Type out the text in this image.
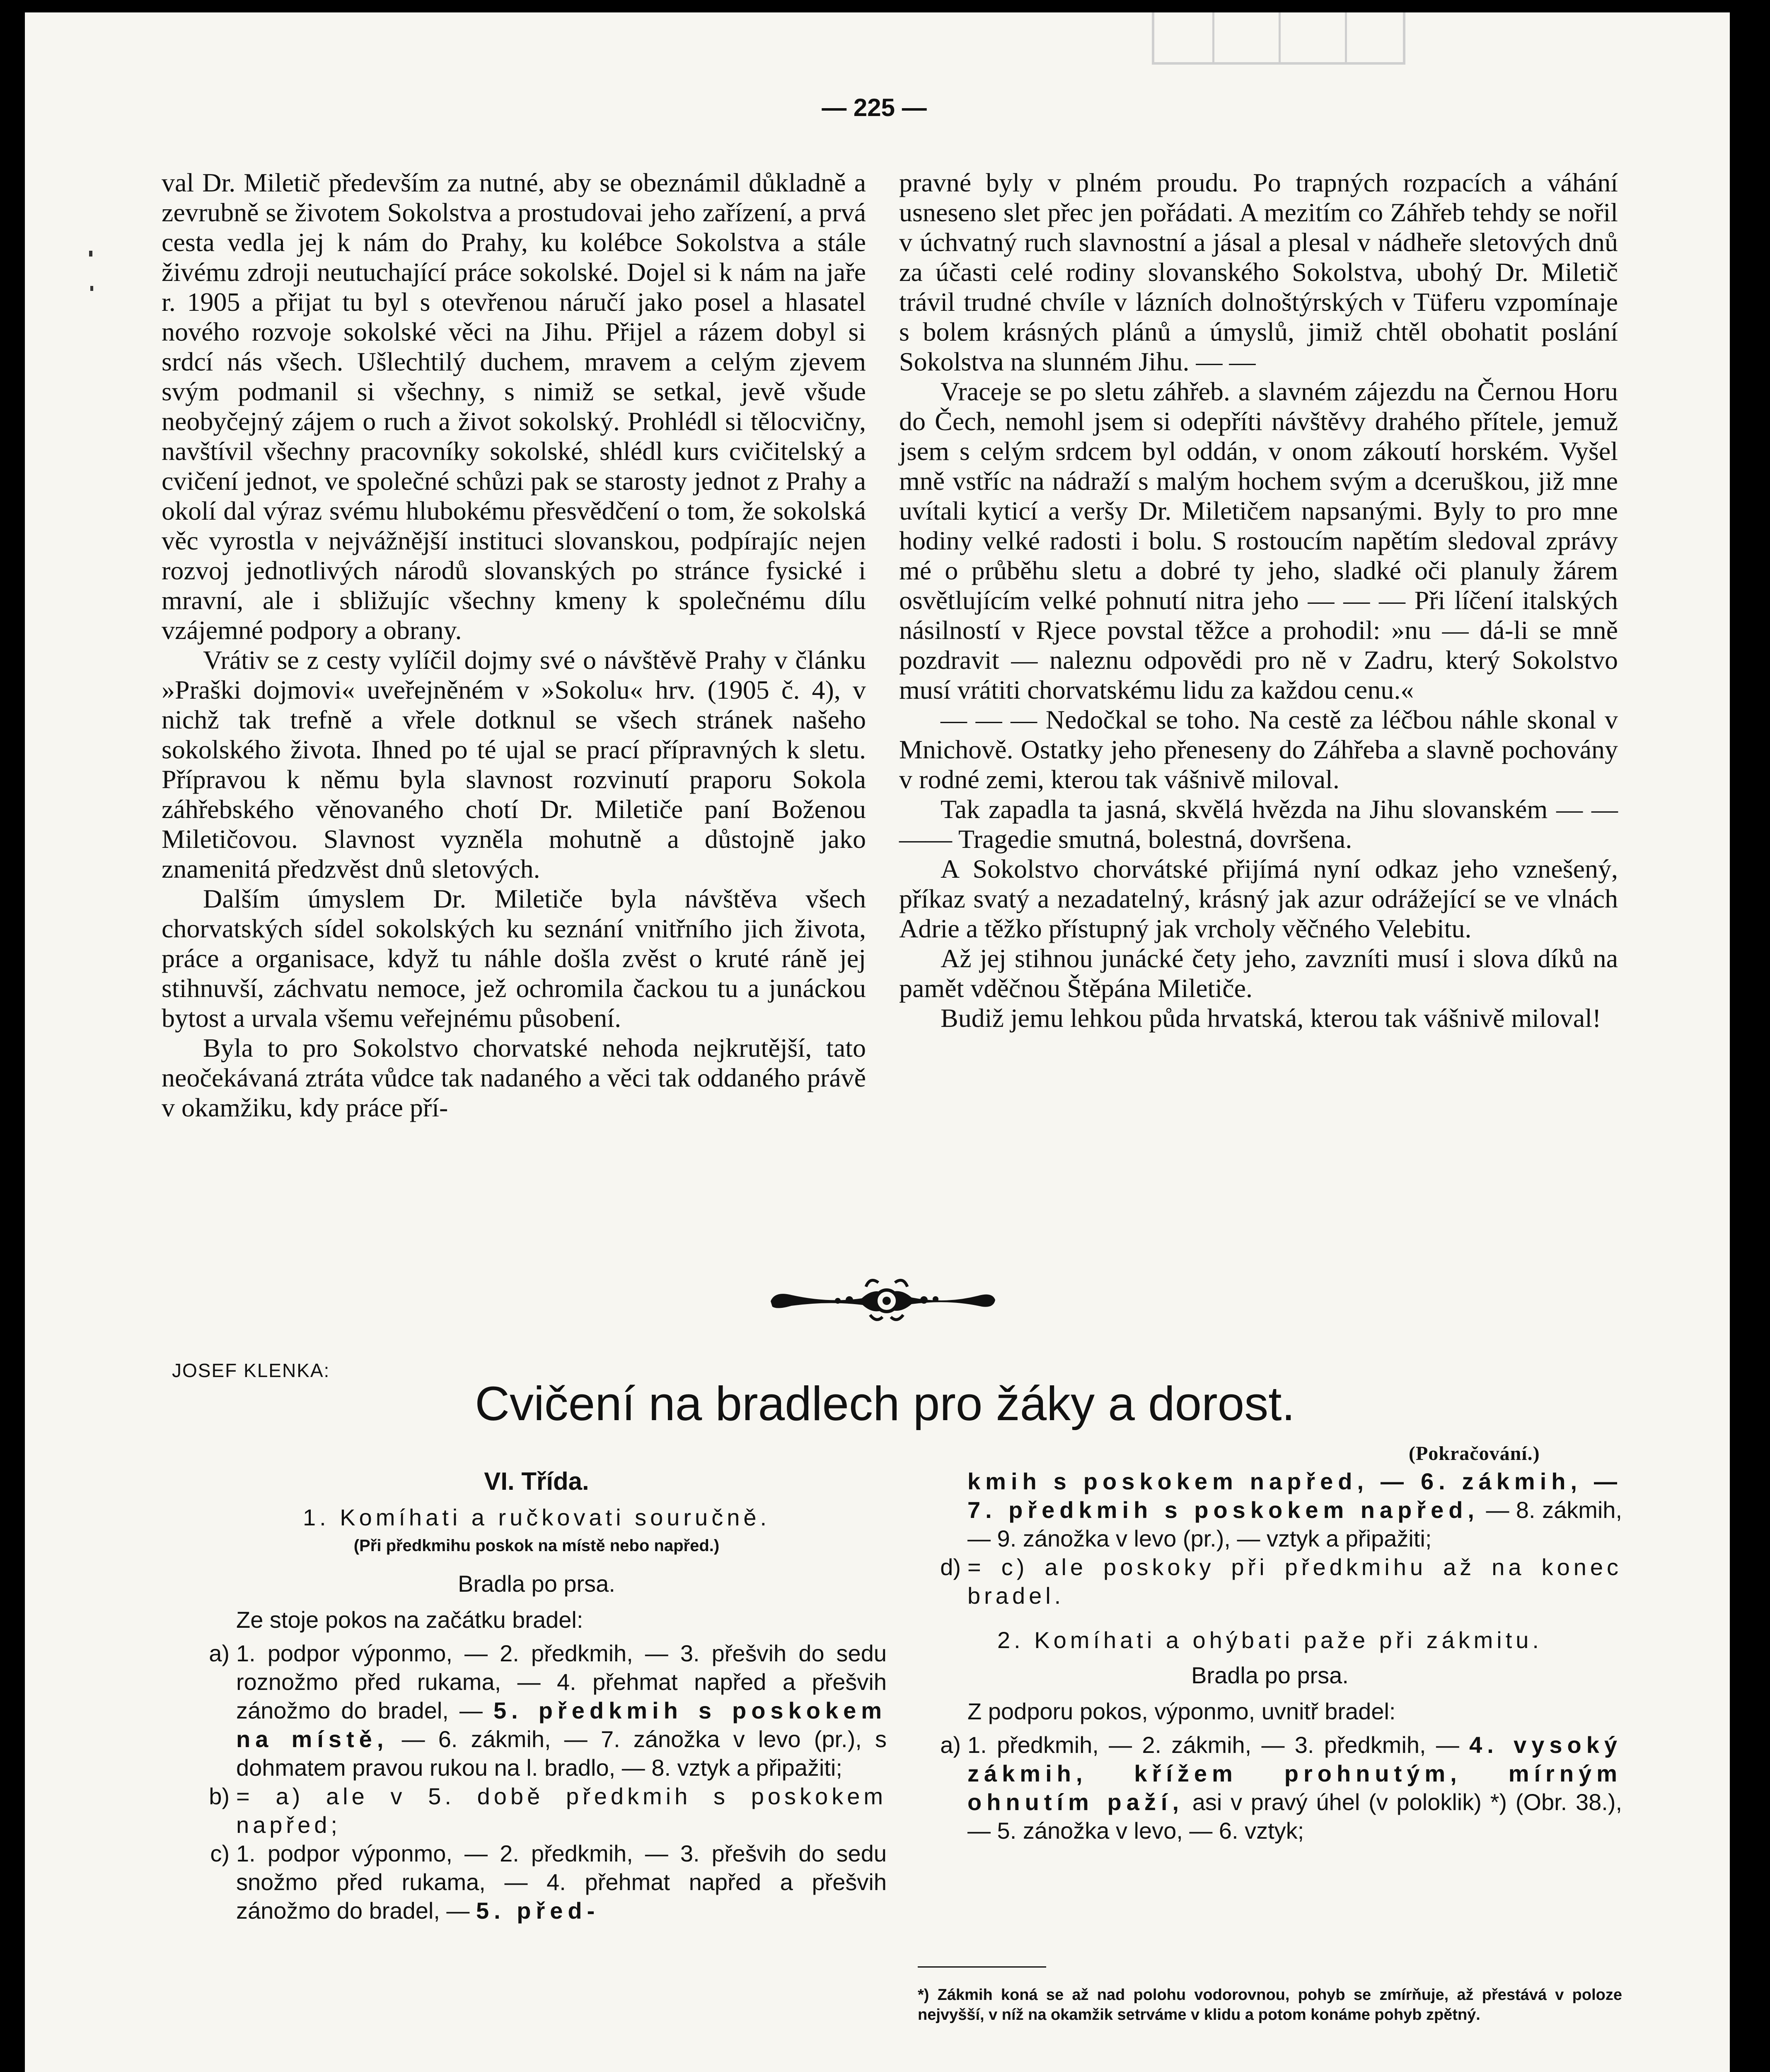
— 225 —

val Dr. Miletič především za nutné, aby se obeznámil důkladně a zevrubně se životem Sokolstva a prostudovai jeho zařízení, a prvá cesta vedla jej k nám do Prahy, ku kolébce Sokolstva a stále živému zdroji neutuchající práce sokolské. Dojel si k nám na jaře r. 1905 a přijat tu byl s otevřenou náručí jako posel a hlasatel nového rozvoje sokolské věci na Jihu. Přijel a rázem dobyl si srdcí nás všech. Ušlechtilý duchem, mravem a celým zjevem svým podmanil si všechny, s nimiž se setkal, jevě všude neobyčejný zájem o ruch a život sokolský. Prohlédl si tělocvičny, navštívil všechny pracovníky sokolské, shlédl kurs cvičitelský a cvičení jednot, ve společné schůzi pak se starosty jednot z Prahy a okolí dal výraz svému hlubokému přesvědčení o tom, že sokolská věc vyrostla v nejvážnější instituci slovanskou, podpírajíc nejen rozvoj jednotlivých národů slovanských po stránce fysické i mravní, ale i sbližujíc všechny kmeny k společnému dílu vzájemné podpory a obrany.

Vrátiv se z cesty vylíčil dojmy své o návštěvě Prahy v článku »Praški dojmovi« uveřejněném v »Sokolu« hrv. (1905 č. 4), v nichž tak trefně a vřele dotknul se všech stránek našeho sokolského života. Ihned po té ujal se prací přípravných k sletu. Přípravou k němu byla slavnost rozvinutí praporu Sokola záhřebského věnovaného chotí Dr. Miletiče paní Boženou Miletičovou. Slavnost vyzněla mohutně a důstojně jako znamenitá předzvěst dnů sletových.

Dalším úmyslem Dr. Miletiče byla návštěva všech chorvatských sídel sokolských ku seznání vnitřního jich života, práce a organisace, když tu náhle došla zvěst o kruté ráně jej stihnuvší, záchvatu nemoce, jež ochromila čackou tu a junáckou bytost a urvala všemu veřejnému působení.

Byla to pro Sokolstvo chorvatské nehoda nejkrutější, tato neočekávaná ztráta vůdce tak nadaného a věci tak oddaného právě v okamžiku, kdy práce pří-

pravné byly v plném proudu. Po trapných rozpacích a váhání usneseno slet přec jen pořádati. A mezitím co Záhřeb tehdy se nořil v úchvatný ruch slavnostní a jásal a plesal v nádheře sletových dnů za účasti celé rodiny slovanského Sokolstva, ubohý Dr. Miletič trávil trudné chvíle v lázních dolnoštýrských v Tüferu vzpomínaje s bolem krásných plánů a úmyslů, jimiž chtěl obohatit poslání Sokolstva na slunném Jihu. — —

Vraceje se po sletu záhřeb. a slavném zájezdu na Černou Horu do Čech, nemohl jsem si odepříti návštěvy drahého přítele, jemuž jsem s celým srdcem byl oddán, v onom zákoutí horském. Vyšel mně vstříc na nádraží s malým hochem svým a dceruškou, již mne uvítali kyticí a veršy Dr. Miletičem napsanými. Byly to pro mne hodiny velké radosti i bolu. S rostoucím napětím sledoval zprávy mé o průběhu sletu a dobré ty jeho, sladké oči planuly žárem osvětlujícím velké pohnutí nitra jeho — — — Při líčení italských násilností v Rjece povstal těžce a prohodil: »nu — dá-li se mně pozdravit — naleznu odpovědi pro ně v Zadru, který Sokolstvo musí vrátiti chorvatskému lidu za každou cenu.«

— — — Nedočkal se toho. Na cestě za léčbou náhle skonal v Mnichově. Ostatky jeho přeneseny do Záhřeba a slavně pochovány v rodné zemi, kterou tak vášnivě miloval.

Tak zapadla ta jasná, skvělá hvězda na Jihu slovanském — — —— Tragedie smutná, bolestná, dovršena.

A Sokolstvo chorvátské přijímá nyní odkaz jeho vznešený, příkaz svatý a nezadatelný, krásný jak azur odrážející se ve vlnách Adrie a těžko přístupný jak vrcholy věčného Velebitu.

Až jej stihnou junácké čety jeho, zavzníti musí i slova díků na pamět vděčnou Štěpána Miletiče.

Budiž jemu lehkou půda hrvatská, kterou tak vášnivě miloval!

JOSEF KLENKA:
Cvičení na bradlech pro žáky a dorost.
(Pokračování.)
VI. Třída.
1. Komíhati a ručkovati souručně.
(Při předkmihu poskok na místě nebo napřed.)
Bradla po prsa.
Ze stoje pokos na začátku bradel:
a) 1. podpor výponmo, — 2. předkmih, — 3. přešvih do sedu roznožmo před rukama, — 4. přehmat napřed a přešvih zánožmo do bradel, — 5. předkmih s poskokem na místě, — 6. zákmih, — 7. zánožka v levo (pr.), s dohmatem pravou rukou na l. bradlo, — 8. vztyk a připažiti;
b) = a) ale v 5. době předkmih s poskokem napřed;
c) 1. podpor výponmo, — 2. předkmih, — 3. přešvih do sedu snožmo před rukama, — 4. přehmat napřed a přešvih zánožmo do bradel, — 5. před-
kmih s poskokem napřed, — 6. zákmih, — 7. předkmih s poskokem napřed, — 8. zákmih, — 9. zánožka v levo (pr.), — vztyk a připažiti;
d) = c) ale poskoky při předkmihu až na konec bradel.
2. Komíhati a ohýbati paže při zákmitu.
Bradla po prsa.
Z podporu pokos, výponmo, uvnitř bradel:
a) 1. předkmih, — 2. zákmih, — 3. předkmih, — 4. vysoký zákmih, křížem prohnutým, mírným ohnutím paží, asi v pravý úhel (v poloklik) *) (Obr. 38.), — 5. zánožka v levo, — 6. vztyk;

*) Zákmih koná se až nad polohu vodorovnou, pohyb se zmírňuje, až přestává v poloze nejvyšší, v níž na okamžik setrváme v klidu a potom konáme pohyb zpětný.
